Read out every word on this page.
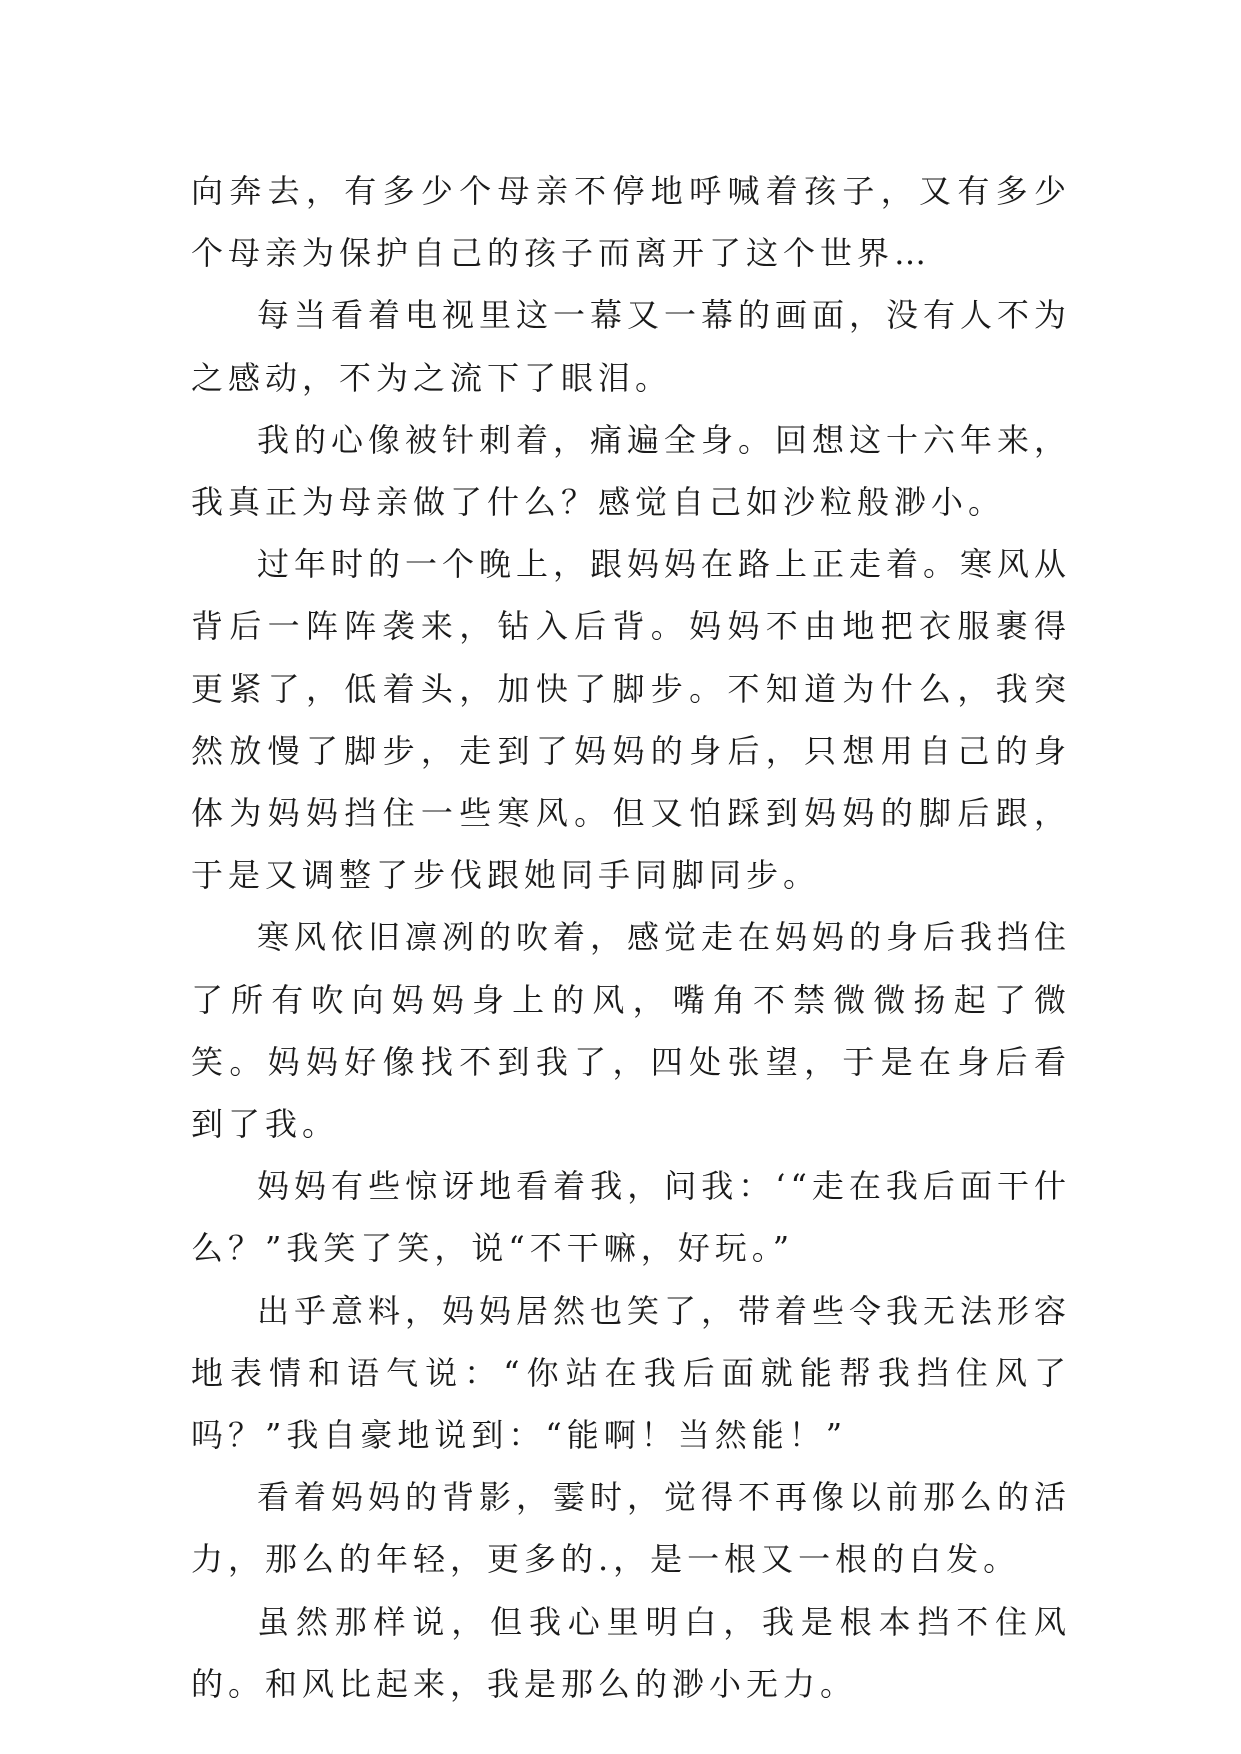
向奔去，有多少个母亲不停地呼喊着孩子，又有多少个母亲为保护自己的孩子而离开了这个世界…

每当看着电视里这一幕又一幕的画面，没有人不为之感动，不为之流下了眼泪。

我的心像被针刺着，痛遍全身。回想这十六年来，我真正为母亲做了什么？感觉自己如沙粒般渺小。

过年时的一个晚上，跟妈妈在路上正走着。寒风从背后一阵阵袭来，钻入后背。妈妈不由地把衣服裹得更紧了，低着头，加快了脚步。不知道为什么，我突然放慢了脚步，走到了妈妈的身后，只想用自己的身体为妈妈挡住一些寒风。但又怕踩到妈妈的脚后跟，于是又调整了步伐跟她同手同脚同步。

寒风依旧凛冽的吹着，感觉走在妈妈的身后我挡住了所有吹向妈妈身上的风，嘴角不禁微微扬起了微笑。妈妈好像找不到我了，四处张望，于是在身后看到了我。

妈妈有些惊讶地看着我，问我：‘“走在我后面干什么？”我笑了笑，说“不干嘛，好玩。”

出乎意料，妈妈居然也笑了，带着些令我无法形容地表情和语气说：“你站在我后面就能帮我挡住风了吗？”我自豪地说到：“能啊！当然能！”

看着妈妈的背影，霎时，觉得不再像以前那么的活力，那么的年轻，更多的.，是一根又一根的白发。

虽然那样说，但我心里明白，我是根本挡不住风的。和风比起来，我是那么的渺小无力。
